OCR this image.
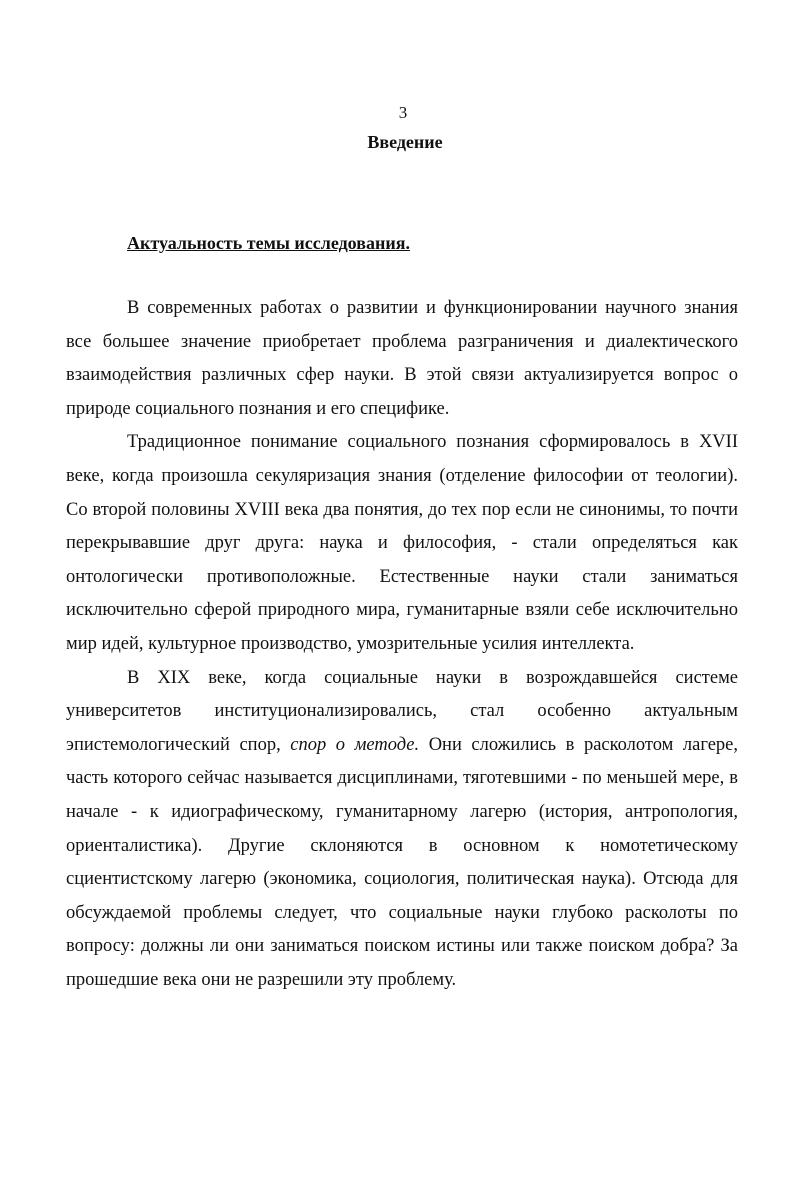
3
Введение
Актуальность темы исследования.

В современных работах о развитии и функционировании научного знания все большее значение приобретает проблема разграничения и диалектического взаимодействия различных сфер науки. В этой связи актуализируется вопрос о природе социального познания и его специфике.

Традиционное понимание социального познания сформировалось в XVII веке, когда произошла секуляризация знания (отделение философии от теологии). Со второй половины XVIII века два понятия, до тех пор если не синонимы, то почти перекрывавшие друг друга: наука и философия, - стали определяться как онтологически противоположные. Естественные науки стали заниматься исключительно сферой природного мира, гуманитарные взяли себе исключительно мир идей, культурное производство, умозрительные усилия интеллекта.

В XIX веке, когда социальные науки в возрождавшейся системе университетов институционализировались, стал особенно актуальным эпистемологический спор, спор о методе. Они сложились в расколотом лагере, часть которого сейчас называется дисциплинами, тяготевшими - по меньшей мере, в начале - к идиографическому, гуманитарному лагерю (история, антропология, ориенталистика). Другие склоняются в основном к номотетическому сциентистскому лагерю (экономика, социология, политическая наука). Отсюда для обсуждаемой проблемы следует, что социальные науки глубоко расколоты по вопросу: должны ли они заниматься поиском истины или также поиском добра? За прошедшие века они не разрешили эту проблему.
